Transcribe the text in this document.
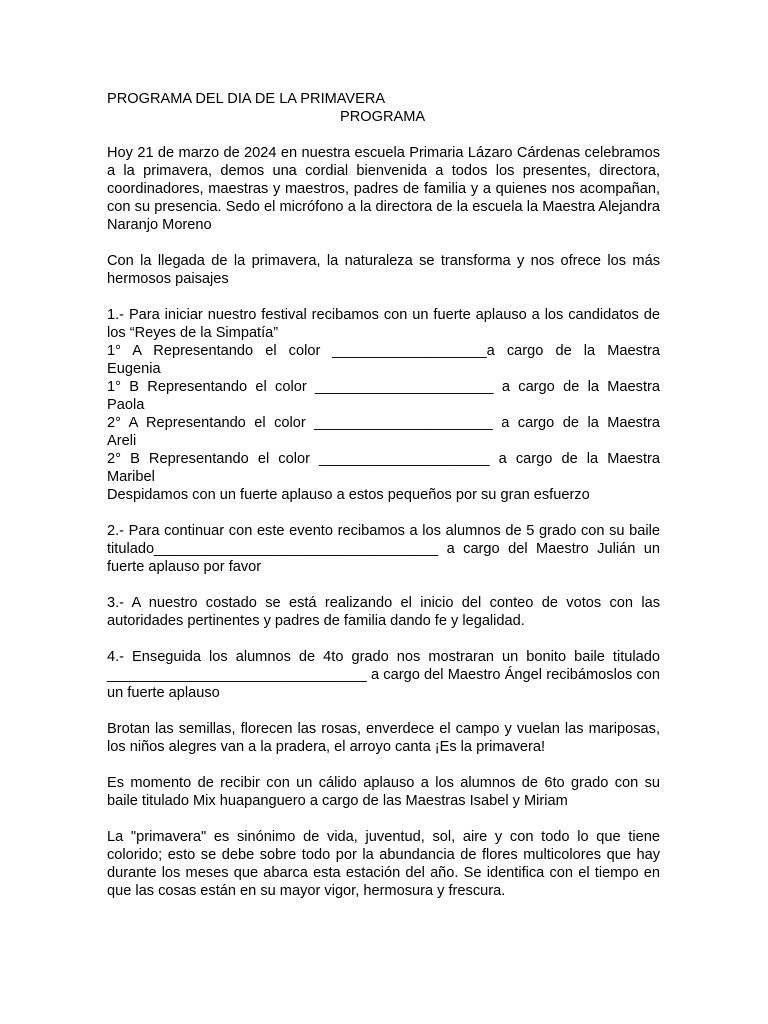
PROGRAMA DEL DIA DE LA PRIMAVERA
PROGRAMA

Hoy 21 de marzo de 2024 en nuestra escuela Primaria Lázaro Cárdenas celebramos a la primavera, demos una cordial bienvenida a todos los presentes, directora, coordinadores, maestras y maestros, padres de familia y a quienes nos acompañan, con su presencia. Sedo el micrófono a la directora de la escuela la Maestra Alejandra Naranjo Moreno

Con la llegada de la primavera, la naturaleza se transforma y nos ofrece los más hermosos paisajes

1.- Para iniciar nuestro festival recibamos con un fuerte aplauso a los candidatos de los “Reyes de la Simpatía”

1° A Representando el color ___________________a cargo de la Maestra
Eugenia
1° B Representando el color ______________________ a cargo de la Maestra
Paola
2° A Representando el color ______________________ a cargo de la Maestra
Areli
2° B Representando el color _____________________ a cargo de la Maestra
Maribel

Despidamos con un fuerte aplauso a estos pequeños por su gran esfuerzo

2.- Para continuar con este evento recibamos a los alumnos de 5 grado con su baile titulado___________________________________ a cargo del Maestro Julián un fuerte aplauso por favor

3.- A nuestro costado se está realizando el inicio del conteo de votos con las autoridades pertinentes y padres de familia dando fe y legalidad.

4.- Enseguida los alumnos de 4to grado nos mostraran un bonito baile titulado ________________________________ a cargo del Maestro Ángel recibámoslos con un fuerte aplauso

Brotan las semillas, florecen las rosas, enverdece el campo y vuelan las mariposas, los niños alegres van a la pradera, el arroyo canta ¡Es la primavera!

Es momento de recibir con un cálido aplauso a los alumnos de 6to grado con su baile titulado Mix huapanguero a cargo de las Maestras Isabel y Miriam

La "primavera" es sinónimo de vida, juventud, sol, aire y con todo lo que tiene colorido; esto se debe sobre todo por la abundancia de flores multicolores que hay durante los meses que abarca esta estación del año. Se identifica con el tiempo en que las cosas están en su mayor vigor, hermosura y frescura.
